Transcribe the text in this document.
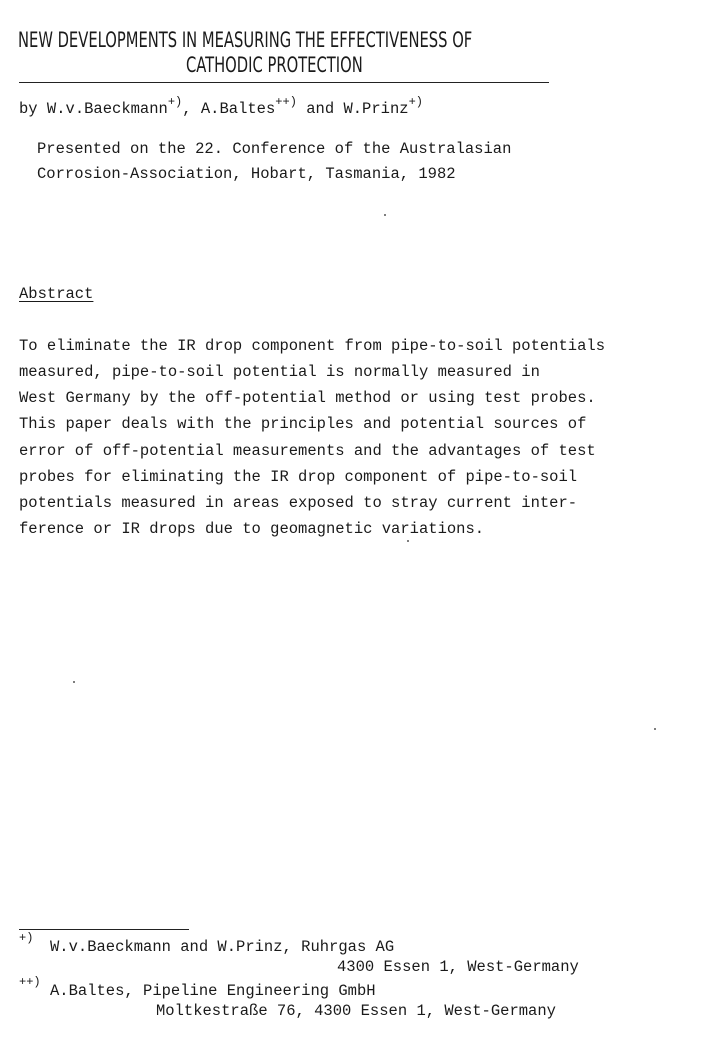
NEW DEVELOPMENTS IN MEASURING THE EFFECTIVENESS OF
CATHODIC PROTECTION
by W.v.Baeckmann+), A.Baltes++) and W.Prinz+)
Presented on the 22. Conference of the Australasian
Corrosion-Association, Hobart, Tasmania, 1982
Abstract
To eliminate the IR drop component from pipe-to-soil potentials
measured, pipe-to-soil potential is normally measured in
West Germany by the off-potential method or using test probes.
This paper deals with the principles and potential sources of
error of off-potential measurements and the advantages of test
probes for eliminating the IR drop component of pipe-to-soil
potentials measured in areas exposed to stray current inter-
ference or IR drops due to geomagnetic variations.
+) W.v.Baeckmann and W.Prinz, Ruhrgas AG
4300 Essen 1, West-Germany
++) A.Baltes, Pipeline Engineering GmbH
Moltkestraße 76, 4300 Essen 1, West-Germany
